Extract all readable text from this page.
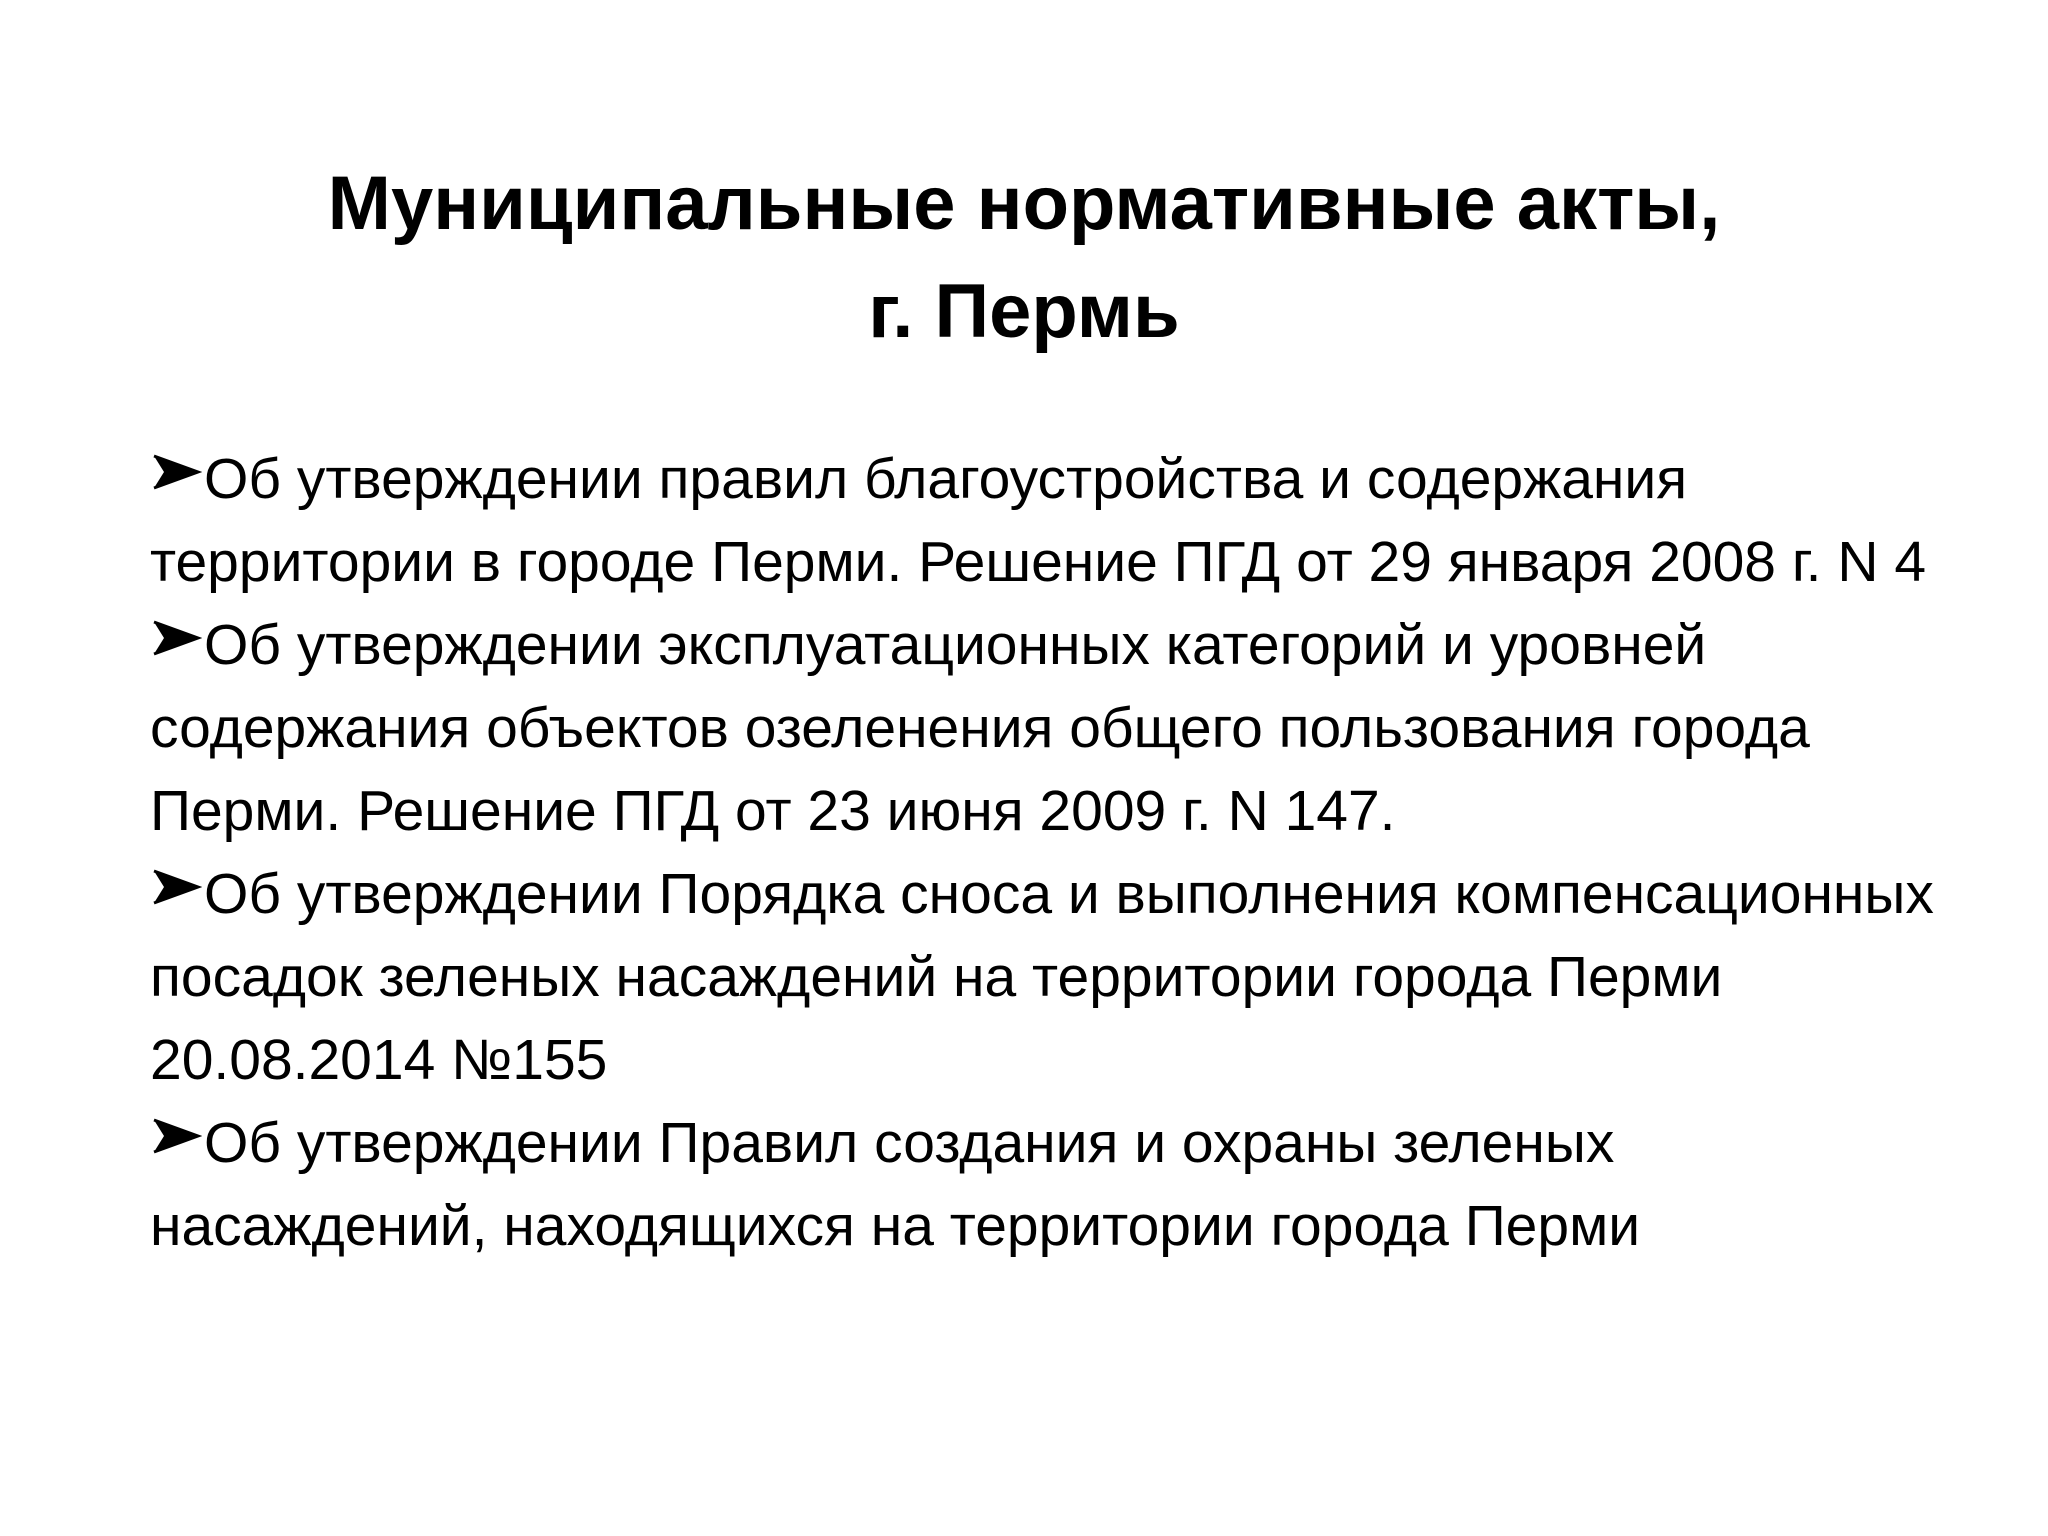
Муниципальные нормативные акты,
г. Пермь
Об утверждении правил благоустройства и содержания территории в городе Перми. Решение ПГД от 29 января 2008 г. N 4
Об утверждении эксплуатационных категорий и уровней содержания объектов озеленения общего пользования города Перми. Решение ПГД от 23 июня 2009 г. N 147.
Об утверждении Порядка сноса и выполнения компенсационных посадок зеленых насаждений на территории города Перми 20.08.2014 №155
Об утверждении Правил создания и охраны зеленых насаждений, находящихся на территории города Перми
